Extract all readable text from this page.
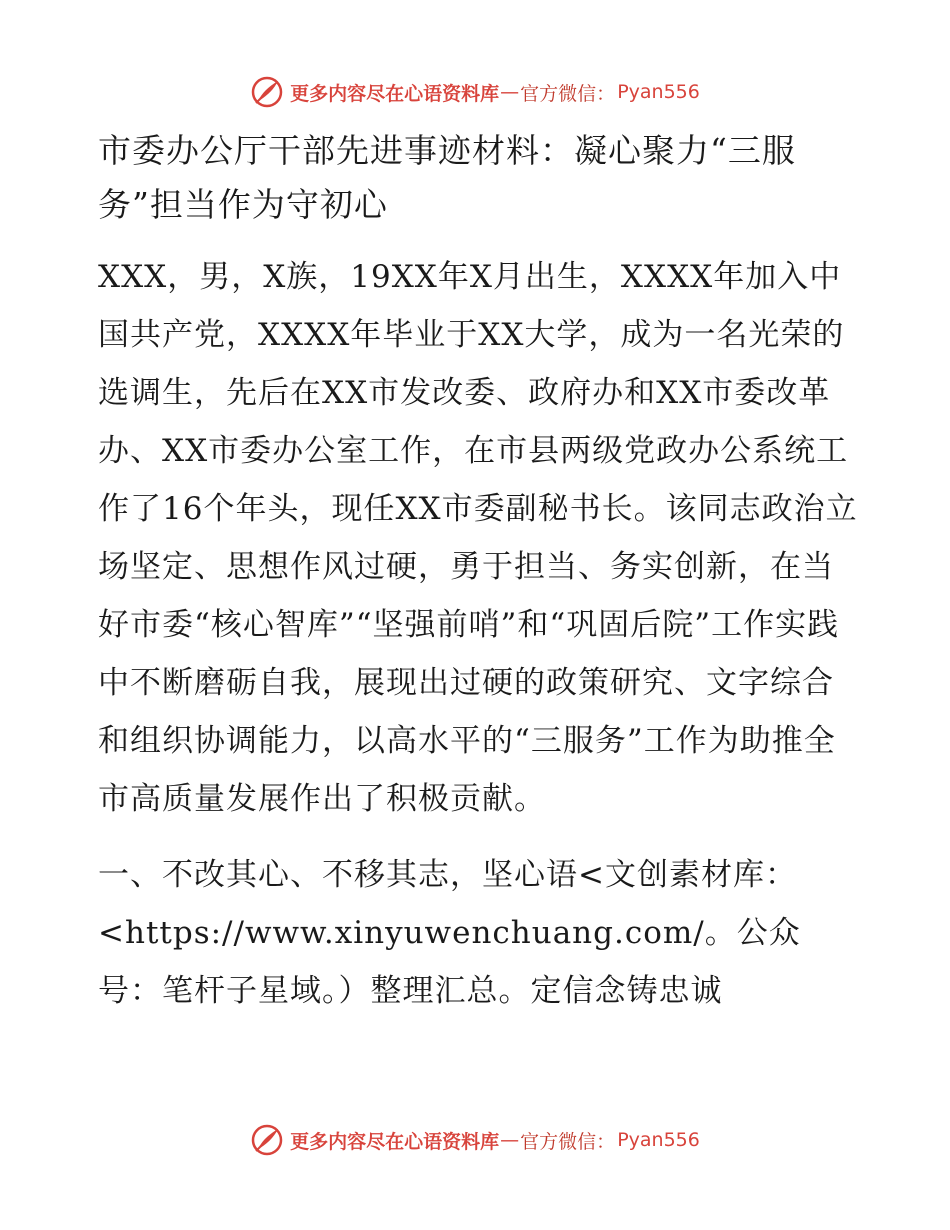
更多内容尽在心语资料库 — 官方微信： Pyan556
市委办公厅干部先进事迹材料：凝心聚力“三服务”担当作为守初心

XXX，男，X族，19XX年X月出生，XXXX年加入中国共产党，XXXX年毕业于XX大学，成为一名光荣的选调生，先后在XX市发改委、政府办和XX市委改革办、XX市委办公室工作，在市县两级党政办公系统工作了16个年头，现任XX市委副秘书长。该同志政治立场坚定、思想作风过硬，勇于担当、务实创新，在当好市委“核心智库”“坚强前哨”和“巩固后院”工作实践中不断磨砺自我，展现出过硬的政策研究、文字综合和组织协调能力，以高水平的“三服务”工作为助推全市高质量发展作出了积极贡献。

一、不改其心、不移其志，坚心语<文创素材库：<https://www.xinyuwenchuang.com/。公众号：笔杆子星域。）整理汇总。定信念铸忠诚

更多内容尽在心语资料库 — 官方微信： Pyan556
